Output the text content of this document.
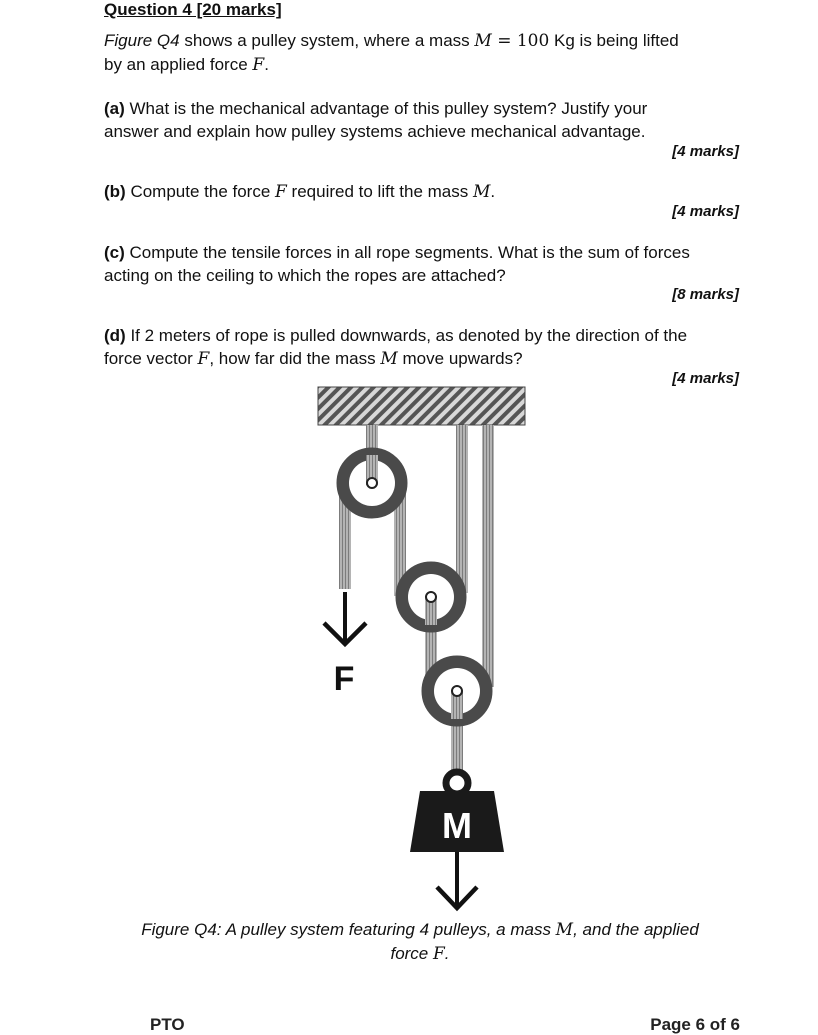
Question 4 [20 marks]
Figure Q4 shows a pulley system, where a mass M = 100 Kg is being lifted
by an applied force F.
(a) What is the mechanical advantage of this pulley system? Justify your
answer and explain how pulley systems achieve mechanical advantage.
[4 marks]
(b) Compute the force F required to lift the mass M.
[4 marks]
(c) Compute the tensile forces in all rope segments. What is the sum of forces
acting on the ceiling to which the ropes are attached?
[8 marks]
(d) If 2 meters of rope is pulled downwards, as denoted by the direction of the
force vector F, how far did the mass M move upwards?
[4 marks]
F
M
Figure Q4: A pulley system featuring 4 pulleys, a mass M, and the applied
force F.
PTO	Page 6 of 6
